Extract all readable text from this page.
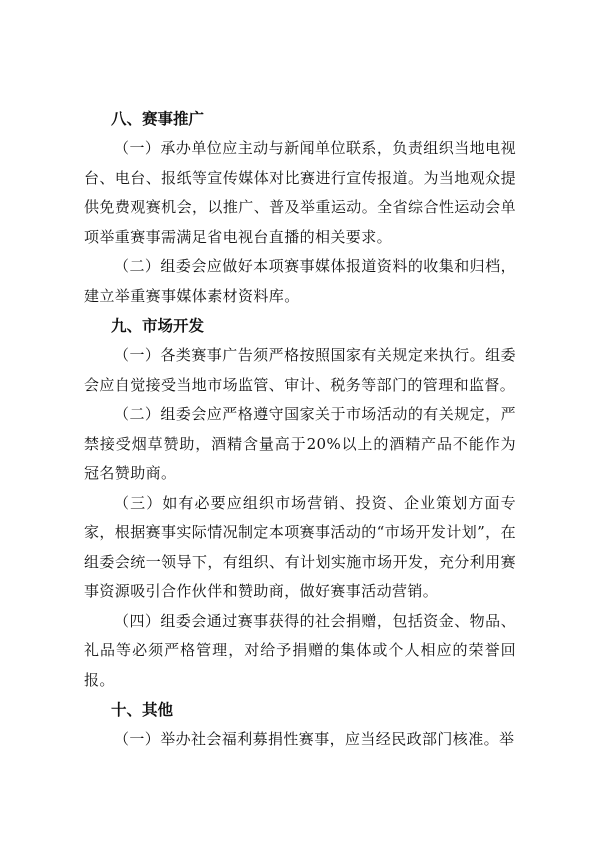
八、赛事推广

（一）承办单位应主动与新闻单位联系，负责组织当地电视台、电台、报纸等宣传媒体对比赛进行宣传报道。为当地观众提供免费观赛机会，以推广、普及举重运动。全省综合性运动会单项举重赛事需满足省电视台直播的相关要求。

（二）组委会应做好本项赛事媒体报道资料的收集和归档，建立举重赛事媒体素材资料库。

九、市场开发

（一）各类赛事广告须严格按照国家有关规定来执行。组委会应自觉接受当地市场监管、审计、税务等部门的管理和监督。

（二）组委会应严格遵守国家关于市场活动的有关规定，严禁接受烟草赞助，酒精含量高于20%以上的酒精产品不能作为冠名赞助商。

（三）如有必要应组织市场营销、投资、企业策划方面专家，根据赛事实际情况制定本项赛事活动的“市场开发计划”，在组委会统一领导下，有组织、有计划实施市场开发，充分利用赛事资源吸引合作伙伴和赞助商，做好赛事活动营销。

（四）组委会通过赛事获得的社会捐赠，包括资金、物品、礼品等必须严格管理，对给予捐赠的集体或个人相应的荣誉回报。

十、其他

（一）举办社会福利募捐性赛事，应当经民政部门核准。举
